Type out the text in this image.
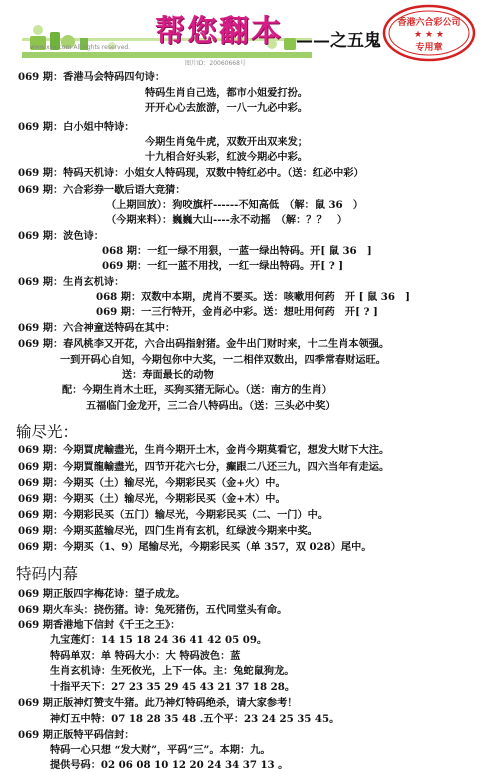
帮您翻本 ——之五鬼
www.xxx.com All rights reserved.
图片ID：20060668号
香港六合彩公司
★ ★ ★
专用章
069 期：香港马会特码四句诗：
特码生肖自己选，都市小姐爱打扮。
开开心心去旅游，一八一九必中彩。
069 期：白小姐中特诗：
今期生肖兔牛虎，双数开出双来发；
十九相合好头彩，红波今期必中彩。
069 期：特码天机诗：小姐女人特码现，双数中特红必中。（送：红必中彩）
069 期：六合彩券一歇后语大竞猜：
（上期回放）：狗咬旗杆------不知高低　（解：鼠 36　）
（今期来料）：巍巍大山----永不动摇　（解：？？　）
069 期：波色诗：
068 期：一红一绿不用狠，一蓝一绿出特码。开[ 鼠 36　]
069 期：一红一蓝不用找，一红一绿出特码。开[ ? ]
069 期：生肖玄机诗：
068 期：双数中本期，虎肖不要买。送：咳嗽用何药　开 [ 鼠 36　]
069 期：一三行特开，金肖必中彩。送：想吐用何药　开[ ? ]
069 期：六合神童送特码在其中：
069 期：春风桃李又开花，六合出码指射猪。金牛出门财时来，十二生肖本领强。
一到开码心自知，今期包你中大奖，一二相伴双数出，四季常春财运旺。
送：寿面最长的动物
配：今期生肖木土旺，买狗买猪无际心。（送：南方的生肖）
五福临门金龙开，三二合八特码出。（送：三头必中奖）
输尽光：
069 期：今期買虎輸盡光，生肖今期开土木，金肖今期莫看它，想发大财下大注。
069 期：今期買龍輸盡光，四节开花六七分，癫跟二八还三九，四六当年有走运。
069 期：今期买（土）输尽光，今期彩民买（金+火）中。
069 期：今期买（土）输尽光，今期彩民买（金+木）中。
069 期：今期彩民买（五门）输尽光，今期彩民买（二、一门）中。
069 期：今期买蓝输尽光，四门生肖有玄机，红绿波今期来中奖。
069 期：今期买（1、9）尾输尽光，今期彩民买（单 357，双 028）尾中。
特码内幕
069 期正版四字梅花诗：望子成龙。
069 期火车头：挠伤猪。诗：兔死猪伤，五代同堂头有命。
069 期香港地下信封《千王之王》：
九宝莲灯：14 15 18 24 36 41 42 05 09。
特码单双：单 特码大小：大 特码波色：蓝
生肖玄机诗：生死攸光，上下一体。主：兔蛇鼠狗龙。
十指平天下：27 23 35 29 45 43 21 37 18 28。
069 期正版神灯赞支牛猪。此乃神灯特码绝杀，请大家参考！
神灯五中特：07 18 28 35 48 .五个平：23 24 25 35 45。
069 期正版特平码信封：
特码一心只想 “发大财”，平码“三”。本期：九。
提供号码：02 06 08 10 12 20 24 34 37 13 。
